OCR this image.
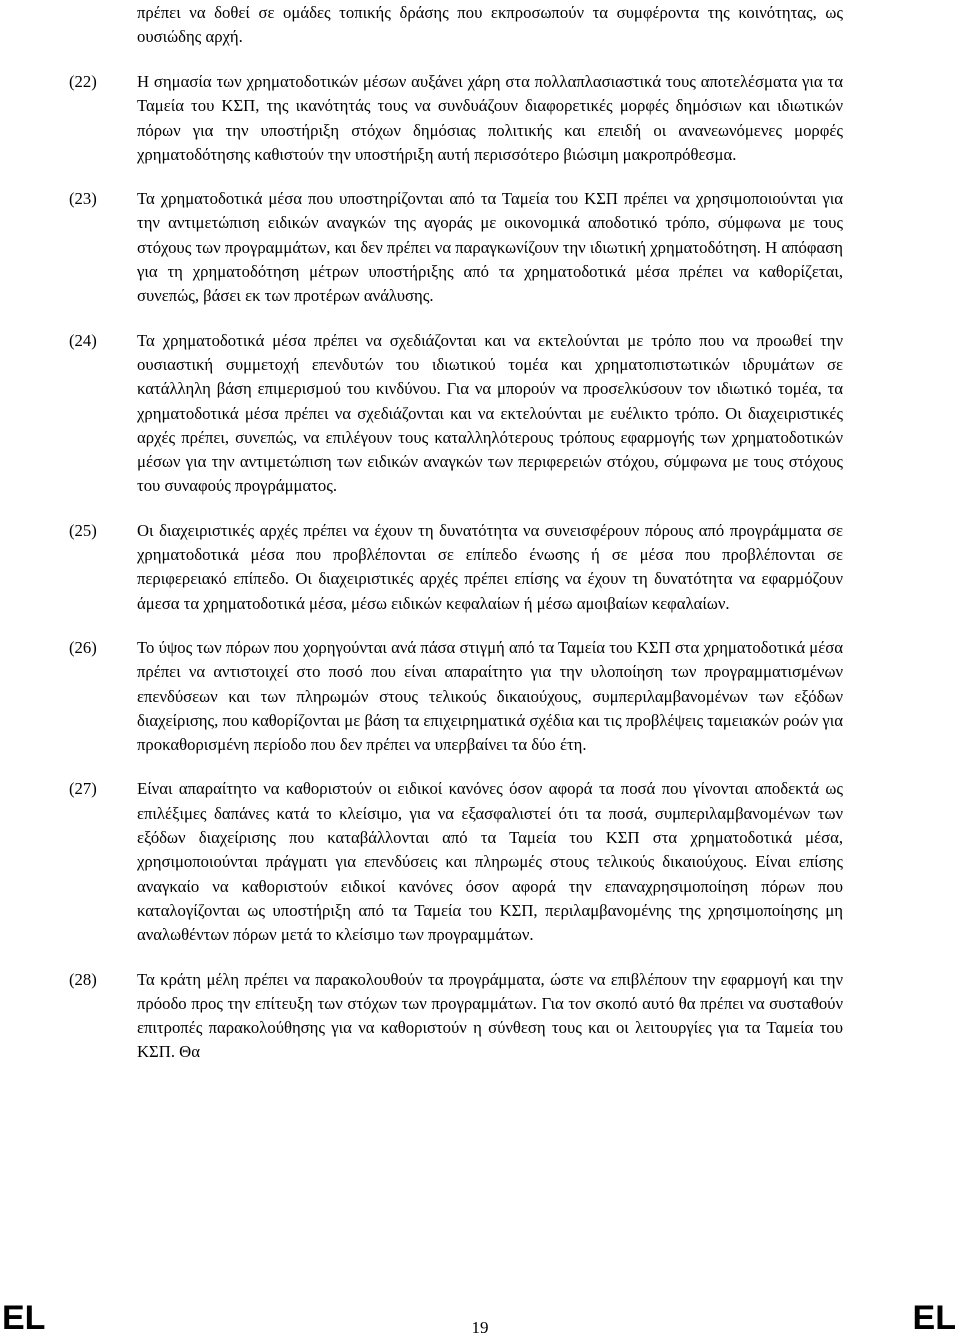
πρέπει να δοθεί σε ομάδες τοπικής δράσης που εκπροσωπούν τα συμφέροντα της κοινότητας, ως ουσιώδης αρχή.
(22) Η σημασία των χρηματοδοτικών μέσων αυξάνει χάρη στα πολλαπλασιαστικά τους αποτελέσματα για τα Ταμεία του ΚΣΠ, της ικανότητάς τους να συνδυάζουν διαφορετικές μορφές δημόσιων και ιδιωτικών πόρων για την υποστήριξη στόχων δημόσιας πολιτικής και επειδή οι ανανεωνόμενες μορφές χρηματοδότησης καθιστούν την υποστήριξη αυτή περισσότερο βιώσιμη μακροπρόθεσμα.
(23) Τα χρηματοδοτικά μέσα που υποστηρίζονται από τα Ταμεία του ΚΣΠ πρέπει να χρησιμοποιούνται για την αντιμετώπιση ειδικών αναγκών της αγοράς με οικονομικά αποδοτικό τρόπο, σύμφωνα με τους στόχους των προγραμμάτων, και δεν πρέπει να παραγκωνίζουν την ιδιωτική χρηματοδότηση. Η απόφαση για τη χρηματοδότηση μέτρων υποστήριξης από τα χρηματοδοτικά μέσα πρέπει να καθορίζεται, συνεπώς, βάσει εκ των προτέρων ανάλυσης.
(24) Τα χρηματοδοτικά μέσα πρέπει να σχεδιάζονται και να εκτελούνται με τρόπο που να προωθεί την ουσιαστική συμμετοχή επενδυτών του ιδιωτικού τομέα και χρηματοπιστωτικών ιδρυμάτων σε κατάλληλη βάση επιμερισμού του κινδύνου. Για να μπορούν να προσελκύσουν τον ιδιωτικό τομέα, τα χρηματοδοτικά μέσα πρέπει να σχεδιάζονται και να εκτελούνται με ευέλικτο τρόπο. Οι διαχειριστικές αρχές πρέπει, συνεπώς, να επιλέγουν τους καταλληλότερους τρόπους εφαρμογής των χρηματοδοτικών μέσων για την αντιμετώπιση των ειδικών αναγκών των περιφερειών στόχου, σύμφωνα με τους στόχους του συναφούς προγράμματος.
(25) Οι διαχειριστικές αρχές πρέπει να έχουν τη δυνατότητα να συνεισφέρουν πόρους από προγράμματα σε χρηματοδοτικά μέσα που προβλέπονται σε επίπεδο ένωσης ή σε μέσα που προβλέπονται σε περιφερειακό επίπεδο. Οι διαχειριστικές αρχές πρέπει επίσης να έχουν τη δυνατότητα να εφαρμόζουν άμεσα τα χρηματοδοτικά μέσα, μέσω ειδικών κεφαλαίων ή μέσω αμοιβαίων κεφαλαίων.
(26) Το ύψος των πόρων που χορηγούνται ανά πάσα στιγμή από τα Ταμεία του ΚΣΠ στα χρηματοδοτικά μέσα πρέπει να αντιστοιχεί στο ποσό που είναι απαραίτητο για την υλοποίηση των προγραμματισμένων επενδύσεων και των πληρωμών στους τελικούς δικαιούχους, συμπεριλαμβανομένων των εξόδων διαχείρισης, που καθορίζονται με βάση τα επιχειρηματικά σχέδια και τις προβλέψεις ταμειακών ροών για προκαθορισμένη περίοδο που δεν πρέπει να υπερβαίνει τα δύο έτη.
(27) Είναι απαραίτητο να καθοριστούν οι ειδικοί κανόνες όσον αφορά τα ποσά που γίνονται αποδεκτά ως επιλέξιμες δαπάνες κατά το κλείσιμο, για να εξασφαλιστεί ότι τα ποσά, συμπεριλαμβανομένων των εξόδων διαχείρισης που καταβάλλονται από τα Ταμεία του ΚΣΠ στα χρηματοδοτικά μέσα, χρησιμοποιούνται πράγματι για επενδύσεις και πληρωμές στους τελικούς δικαιούχους. Είναι επίσης αναγκαίο να καθοριστούν ειδικοί κανόνες όσον αφορά την επαναχρησιμοποίηση πόρων που καταλογίζονται ως υποστήριξη από τα Ταμεία του ΚΣΠ, περιλαμβανομένης της χρησιμοποίησης μη αναλωθέντων πόρων μετά το κλείσιμο των προγραμμάτων.
(28) Τα κράτη μέλη πρέπει να παρακολουθούν τα προγράμματα, ώστε να επιβλέπουν την εφαρμογή και την πρόοδο προς την επίτευξη των στόχων των προγραμμάτων. Για τον σκοπό αυτό θα πρέπει να συσταθούν επιτροπές παρακολούθησης για να καθοριστούν η σύνθεση τους και οι λειτουργίες για τα Ταμεία του ΚΣΠ. Θα
EL	19	EL
